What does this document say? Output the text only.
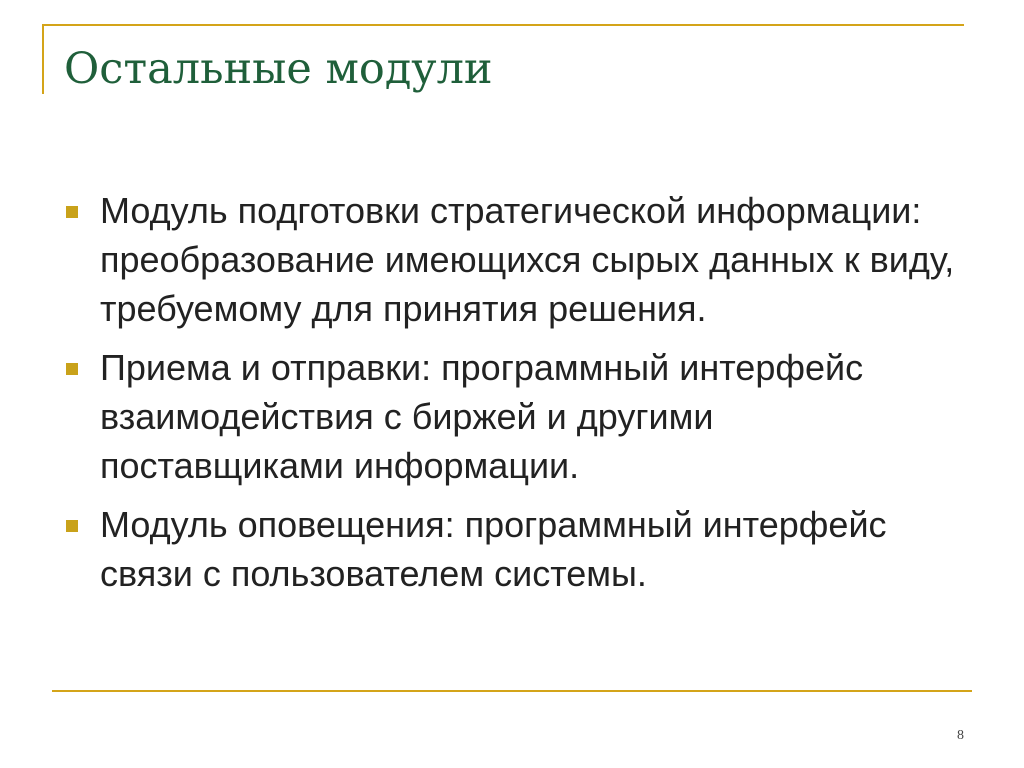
Остальные модули
Модуль подготовки стратегической информации: преобразование имеющихся сырых данных к виду, требуемому для принятия решения.
Приема и отправки: программный интерфейс взаимодействия с биржей и другими поставщиками информации.
Модуль оповещения: программный интерфейс связи с пользователем системы.
8
